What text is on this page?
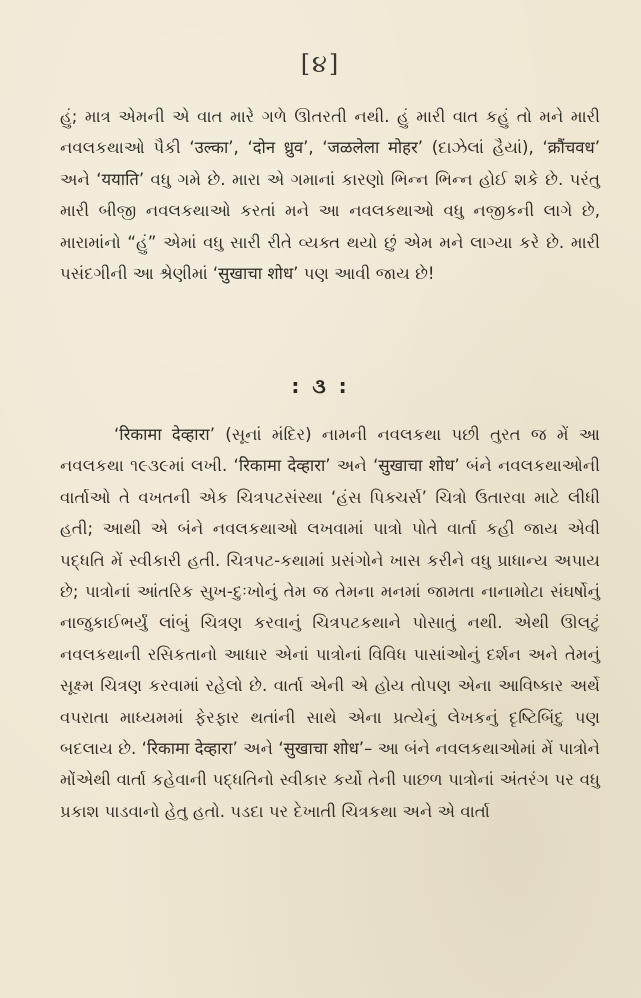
[૪]

હું; માત્ર એમની એ વાત મારે ગળે ઊતરતી નથી. હું મારી વાત કહું તો મને મારી નવલકથાઓ પૈકી ‘उल्का’, ‘दोन ध्रुव’, ‘जळलेला मोहर’ (દાઝેલાં હૈયાં), ‘क्रौंचवध’ અને ‘ययाति’ વધુ ગમે છે. મારા એ ગમાનાં કારણો ભિન્ન ભિન્ન હોઈ શકે છે. પરંતુ મારી બીજી નવલકથાઓ કરતાં મને આ નવલકથાઓ વધુ નજીકની લાગે છે, મારામાંનો “હું” એમાં વધુ સારી રીતે વ્યક્ત થયો છું એમ મને લાગ્યા કરે છે. મારી પસંદગીની આ શ્રેણીમાં ‘सुखाचा शोध’ પણ આવી જાય છે!

: ૩ :

‘रिकामा देव्हारा’ (સૂનાં મંદિર) નામની નવલકથા પછી તુરત જ મેં આ નવલકથા ૧૯૩૯માં લખી. ‘रिकामा देव्हारा’ અને ‘सुखाचा शोध’ બંને નવલકથાઓની વાર્તાઓ તે વખતની એક ચિત્રપટસંસ્થા ‘હંસ પિક્ચર્સ’ ચિત્રો ઉતારવા માટે લીધી હતી; આથી એ બંને નવલકથાઓ લખવામાં પાત્રો પોતે વાર્તા કહી જાય એવી પદ્ધતિ મેં સ્વીકારી હતી. ચિત્રપટ-કથામાં પ્રસંગોને ખાસ કરીને વધુ પ્રાધાન્ય અપાય છે; પાત્રોનાં આંતરિક સુખ-દુઃખોનું તેમ જ તેમના મનમાં જામતા નાનામોટા સંઘર્ષોનું નાજુકાઈભર્યું લાંબું ચિત્રણ કરવાનું ચિત્રપટકથાને પોસાતું નથી. એથી ઊલટું નવલકથાની રસિકતાનો આધાર એનાં પાત્રોનાં વિવિધ પાસાંઓનું દર્શન અને તેમનું સૂક્ષ્મ ચિત્રણ કરવામાં રહેલો છે. વાર્તા એની એ હોય તોપણ એના આવિષ્કાર અર્થે વપરાતા માધ્યમમાં ફેરફાર થતાંની સાથે એના પ્રત્યેનું લેખકનું દૃષ્ટિબિંદુ પણ બદલાય છે. ‘रिकामा देव्हारा’ અને ‘सुखाचा शोध’– આ બંને નવલકથાઓમાં મેં પાત્રોને મોંએથી વાર્તા કહેવાની પદ્ધતિનો સ્વીકાર કર્યો તેની પાછળ પાત્રોનાં અંતરંગ પર વધુ પ્રકાશ પાડવાનો હેતુ હતો. પડદા પર દેખાતી ચિત્રકથા અને એ વાર્તા
